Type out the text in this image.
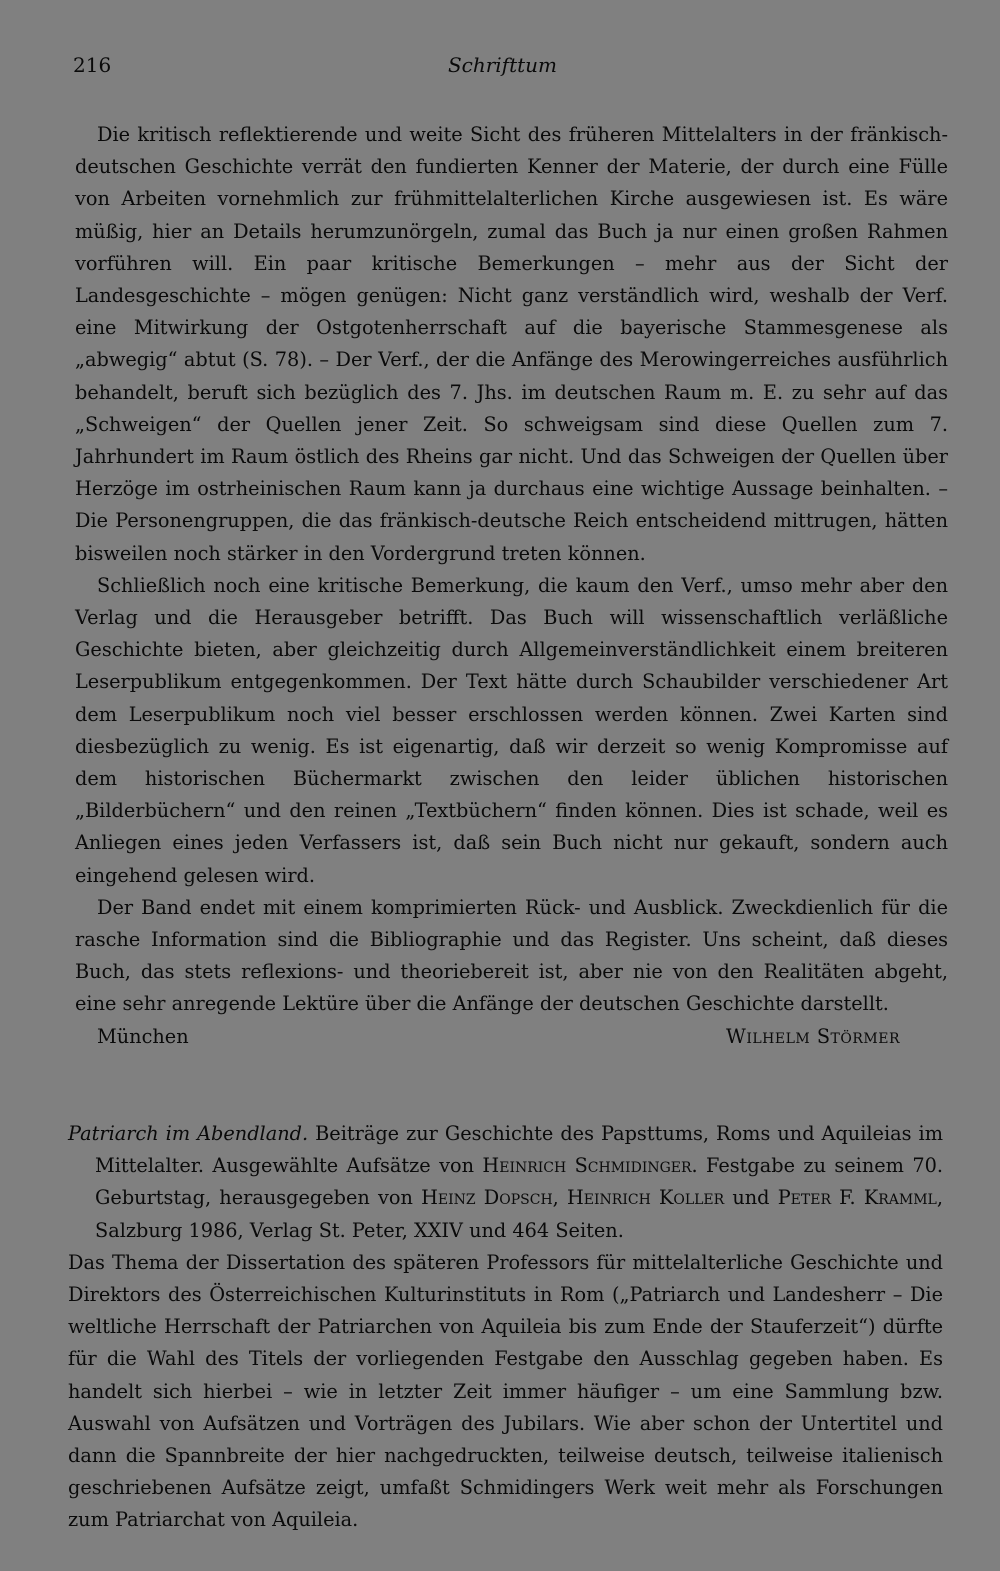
216	Schrifttum

Die kritisch reflektierende und weite Sicht des früheren Mittelalters in der fränkisch-deutschen Geschichte verrät den fundierten Kenner der Materie, der durch eine Fülle von Arbeiten vornehmlich zur frühmittelalterlichen Kirche ausgewiesen ist. Es wäre müßig, hier an Details herumzunörgeln, zumal das Buch ja nur einen großen Rahmen vorführen will. Ein paar kritische Bemerkungen – mehr aus der Sicht der Landesgeschichte – mögen genügen: Nicht ganz verständlich wird, weshalb der Verf. eine Mitwirkung der Ostgotenherrschaft auf die bayerische Stammesgenese als „abwegig“ abtut (S. 78). – Der Verf., der die Anfänge des Merowingerreiches ausführlich behandelt, beruft sich bezüglich des 7. Jhs. im deutschen Raum m. E. zu sehr auf das „Schweigen“ der Quellen jener Zeit. So schweigsam sind diese Quellen zum 7. Jahrhundert im Raum östlich des Rheins gar nicht. Und das Schweigen der Quellen über Herzöge im ostrheinischen Raum kann ja durchaus eine wichtige Aussage beinhalten. – Die Personengruppen, die das fränkisch-deutsche Reich entscheidend mittrugen, hätten bisweilen noch stärker in den Vordergrund treten können.

Schließlich noch eine kritische Bemerkung, die kaum den Verf., umso mehr aber den Verlag und die Herausgeber betrifft. Das Buch will wissenschaftlich verläßliche Geschichte bieten, aber gleichzeitig durch Allgemeinverständlichkeit einem breiteren Leserpublikum entgegenkommen. Der Text hätte durch Schaubilder verschiedener Art dem Leserpublikum noch viel besser erschlossen werden können. Zwei Karten sind diesbezüglich zu wenig. Es ist eigenartig, daß wir derzeit so wenig Kompromisse auf dem historischen Büchermarkt zwischen den leider üblichen historischen „Bilderbüchern“ und den reinen „Textbüchern“ finden können. Dies ist schade, weil es Anliegen eines jeden Verfassers ist, daß sein Buch nicht nur gekauft, sondern auch eingehend gelesen wird.

Der Band endet mit einem komprimierten Rück- und Ausblick. Zweckdienlich für die rasche Information sind die Bibliographie und das Register. Uns scheint, daß dieses Buch, das stets reflexions- und theoriebereit ist, aber nie von den Realitäten abgeht, eine sehr anregende Lektüre über die Anfänge der deutschen Geschichte darstellt.

München	Wilhelm Störmer

Patriarch im Abendland. Beiträge zur Geschichte des Papsttums, Roms und Aquileias im Mittelalter. Ausgewählte Aufsätze von Heinrich Schmidinger. Festgabe zu seinem 70. Geburtstag, herausgegeben von Heinz Dopsch, Heinrich Koller und Peter F. Kramml, Salzburg 1986, Verlag St. Peter, XXIV und 464 Seiten.

Das Thema der Dissertation des späteren Professors für mittelalterliche Geschichte und Direktors des Österreichischen Kulturinstituts in Rom („Patriarch und Landesherr – Die weltliche Herrschaft der Patriarchen von Aquileia bis zum Ende der Stauferzeit“) dürfte für die Wahl des Titels der vorliegenden Festgabe den Ausschlag gegeben haben. Es handelt sich hierbei – wie in letzter Zeit immer häufiger – um eine Sammlung bzw. Auswahl von Aufsätzen und Vorträgen des Jubilars. Wie aber schon der Untertitel und dann die Spannbreite der hier nachgedruckten, teilweise deutsch, teilweise italienisch geschriebenen Aufsätze zeigt, umfaßt Schmidingers Werk weit mehr als Forschungen zum Patriarchat von Aquileia.
